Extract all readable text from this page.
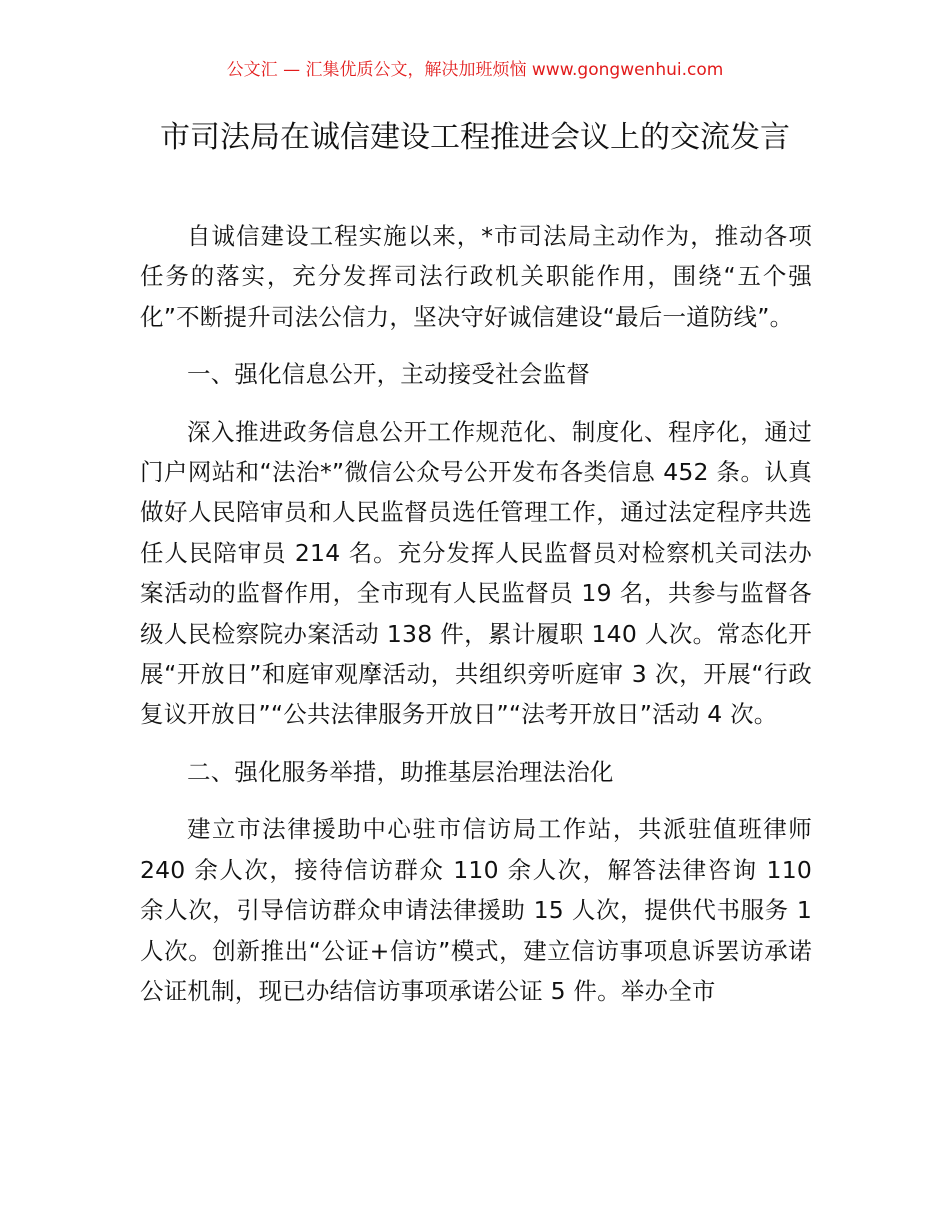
公文汇 — 汇集优质公文，解决加班烦恼 www.gongwenhui.com
市司法局在诚信建设工程推进会议上的交流发言

自诚信建设工程实施以来，*市司法局主动作为，推动各项任务的落实，充分发挥司法行政机关职能作用，围绕“五个强化”不断提升司法公信力，坚决守好诚信建设“最后一道防线”。

一、强化信息公开，主动接受社会监督

深入推进政务信息公开工作规范化、制度化、程序化，通过门户网站和“法治*”微信公众号公开发布各类信息 452 条。认真做好人民陪审员和人民监督员选任管理工作，通过法定程序共选任人民陪审员 214 名。充分发挥人民监督员对检察机关司法办案活动的监督作用，全市现有人民监督员 19 名，共参与监督各级人民检察院办案活动 138 件，累计履职 140 人次。常态化开展“开放日”和庭审观摩活动，共组织旁听庭审 3 次，开展“行政复议开放日”“公共法律服务开放日”“法考开放日”活动 4 次。

二、强化服务举措，助推基层治理法治化

建立市法律援助中心驻市信访局工作站，共派驻值班律师 240 余人次，接待信访群众 110 余人次，解答法律咨询 110 余人次，引导信访群众申请法律援助 15 人次，提供代书服务 1 人次。创新推出“公证+信访”模式，建立信访事项息诉罢访承诺公证机制，现已办结信访事项承诺公证 5 件。举办全市
